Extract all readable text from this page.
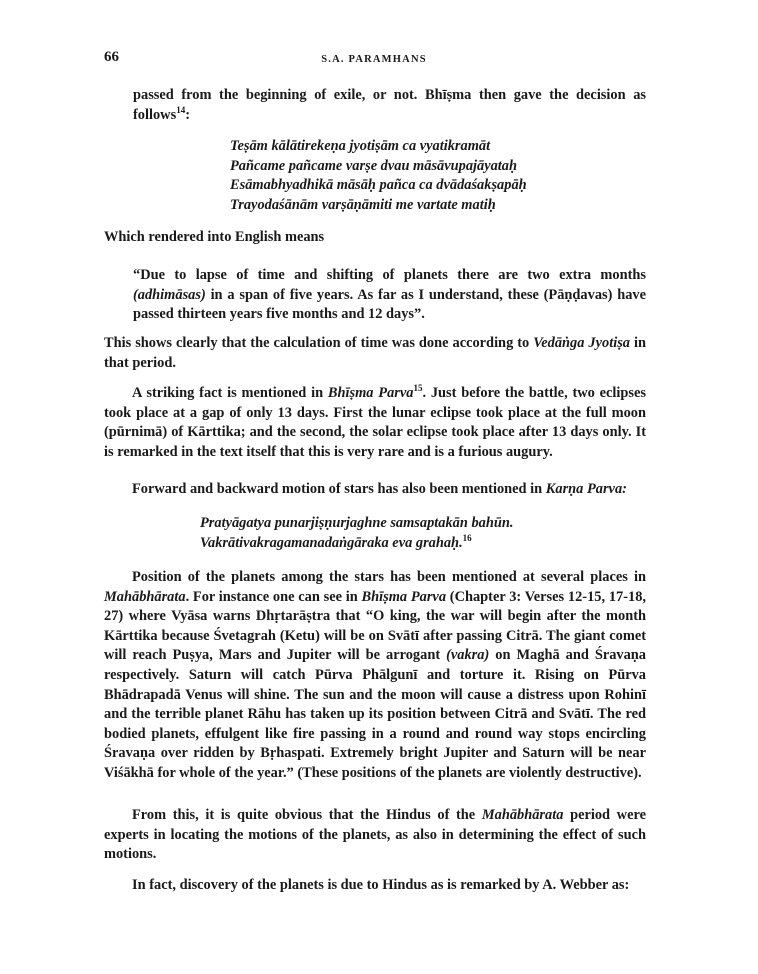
66	S.A. PARAMHANS

passed from the beginning of exile, or not. Bhīṣma then gave the decision as follows$^{14}$:

Teṣām kālātirekeṇa jyotiṣām ca vyatikramāt
Pañcame pañcame varṣe dvau māsāvupajāyataḥ
Esāmabhyadhikā māsāḥ pañca ca dvādaśakṣapāḥ
Trayodaśānām varṣāṇāmiti me vartate matiḥ

Which rendered into English means

“Due to lapse of time and shifting of planets there are two extra months (adhimāsas) in a span of five years. As far as I understand, these (Pāṇḍavas) have passed thirteen years five months and 12 days”.

This shows clearly that the calculation of time was done according to Vedāṅga Jyotiṣa in that period.

A striking fact is mentioned in Bhīṣma Parva$^{15}$. Just before the battle, two eclipses took place at a gap of only 13 days. First the lunar eclipse took place at the full moon (pūrnimā) of Kārttika; and the second, the solar eclipse took place after 13 days only. It is remarked in the text itself that this is very rare and is a furious augury.

Forward and backward motion of stars has also been mentioned in Karṇa Parva:

Pratyāgatya punarjiṣṇurjaghne samsaptakān bahūn.
Vakrātivakragamanadaṅgāraka eva grahaḥ.$^{16}$

Position of the planets among the stars has been mentioned at several places in Mahābhārata. For instance one can see in Bhīṣma Parva (Chapter 3: Verses 12-15, 17-18, 27) where Vyāsa warns Dhṛtarāṣtra that “O king, the war will begin after the month Kārttika because Śvetagrah (Ketu) will be on Svātī after passing Citrā. The giant comet will reach Puṣya, Mars and Jupiter will be arrogant (vakra) on Maghā and Śravaṇa respectively. Saturn will catch Pūrva Phālgunī and torture it. Rising on Pūrva Bhādrapadā Venus will shine. The sun and the moon will cause a distress upon Rohinī and the terrible planet Rāhu has taken up its position between Citrā and Svātī. The red bodied planets, effulgent like fire passing in a round and round way stops encircling Śravaṇa over ridden by Bṛhaspati. Extremely bright Jupiter and Saturn will be near Viśākhā for whole of the year.” (These positions of the planets are violently destructive).

From this, it is quite obvious that the Hindus of the Mahābhārata period were experts in locating the motions of the planets, as also in determining the effect of such motions.

In fact, discovery of the planets is due to Hindus as is remarked by A. Webber as:
